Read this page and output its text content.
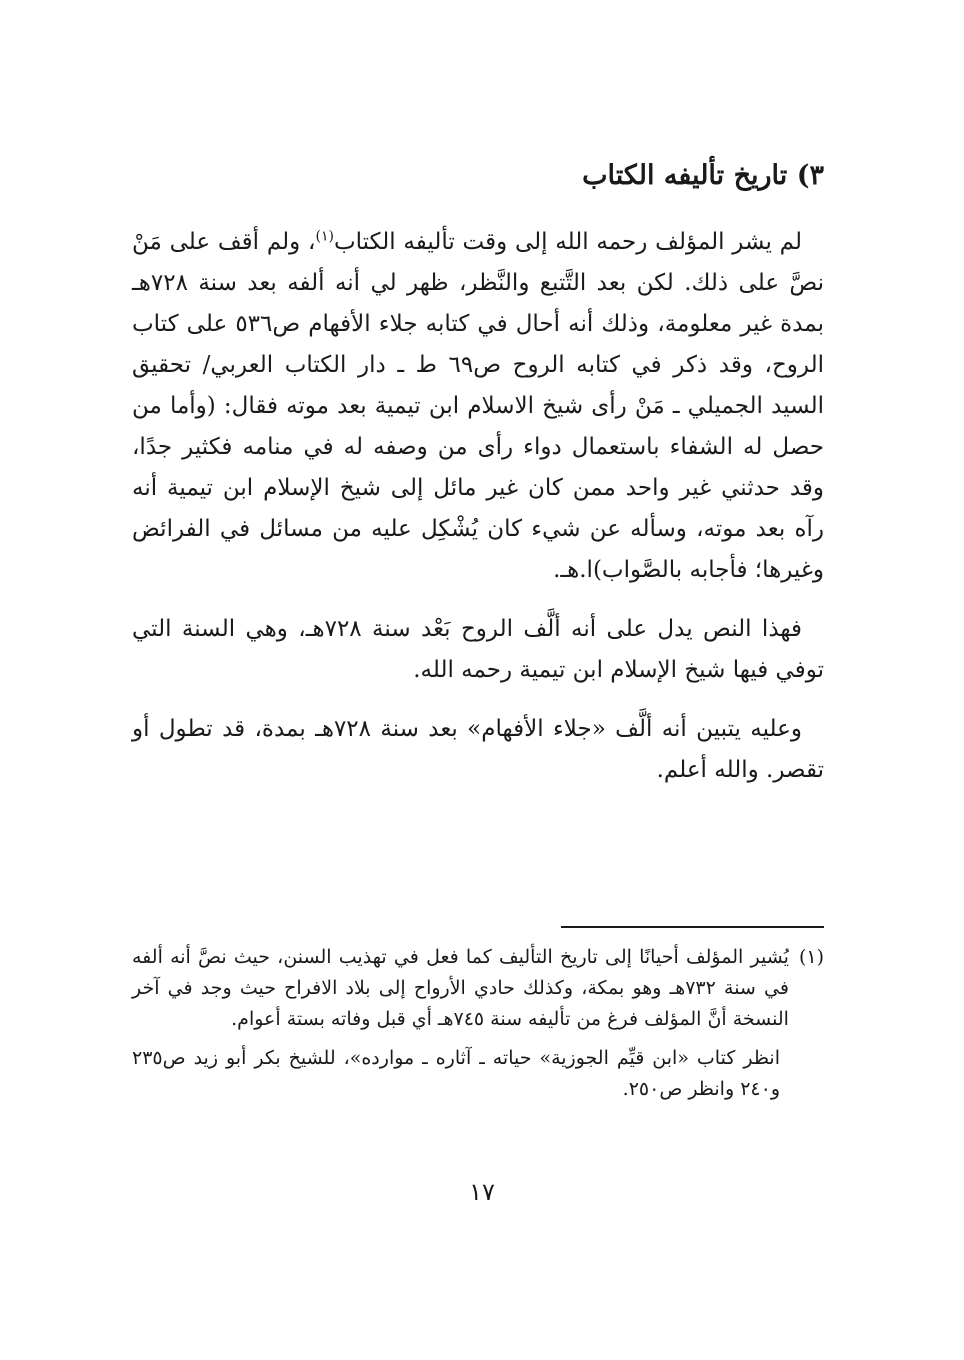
٣) تاريخ تأليفه الكتاب

لم يشر المؤلف رحمه الله إلى وقت تأليفه الكتاب$^{(١)}$، ولم أقف على مَنْ نصَّ على ذلك. لكن بعد التَّتبع والنَّظر، ظهر لي أنه ألفه بعد سنة ٧٢٨هـ بمدة غير معلومة، وذلك أنه أحال في كتابه جلاء الأفهام ص٥٣٦ على كتاب الروح، وقد ذكر في كتابه الروح ص٦٩ ط ـ دار الكتاب العربي/ تحقيق السيد الجميلي ـ مَنْ رأى شيخ الاسلام ابن تيمية بعد موته فقال: (وأما من حصل له الشفاء باستعمال دواء رأى من وصفه له في منامه فكثير جدًا، وقد حدثني غير واحد ممن كان غير مائل إلى شيخ الإسلام ابن تيمية أنه رآه بعد موته، وسأله عن شيء كان يُشْكِل عليه من مسائل في الفرائض وغيرها؛ فأجابه بالصَّواب)ا.هـ.

فهذا النص يدل على أنه ألَّف الروح بَعْد سنة ٧٢٨هـ، وهي السنة التي توفي فيها شيخ الإسلام ابن تيمية رحمه الله.

وعليه يتبين أنه ألَّف «جلاء الأفهام» بعد سنة ٧٢٨هـ بمدة، قد تطول أو تقصر. والله أعلم.

(١)
يُشير المؤلف أحيانًا إلى تاريخ التأليف كما فعل في تهذيب السنن، حيث نصَّ أنه ألفه في سنة ٧٣٢هـ وهو بمكة، وكذلك حادي الأرواح إلى بلاد الافراح حيث وجد في آخر النسخة أنَّ المؤلف فرغ من تأليفه سنة ٧٤٥هـ أي قبل وفاته بستة أعوام.

انظر كتاب «ابن قيِّم الجوزية» حياته ـ آثاره ـ موارده»، للشيخ بكر أبو زيد ص٢٣٥ و٢٤٠ وانظر ص٢٥٠.

١٧
